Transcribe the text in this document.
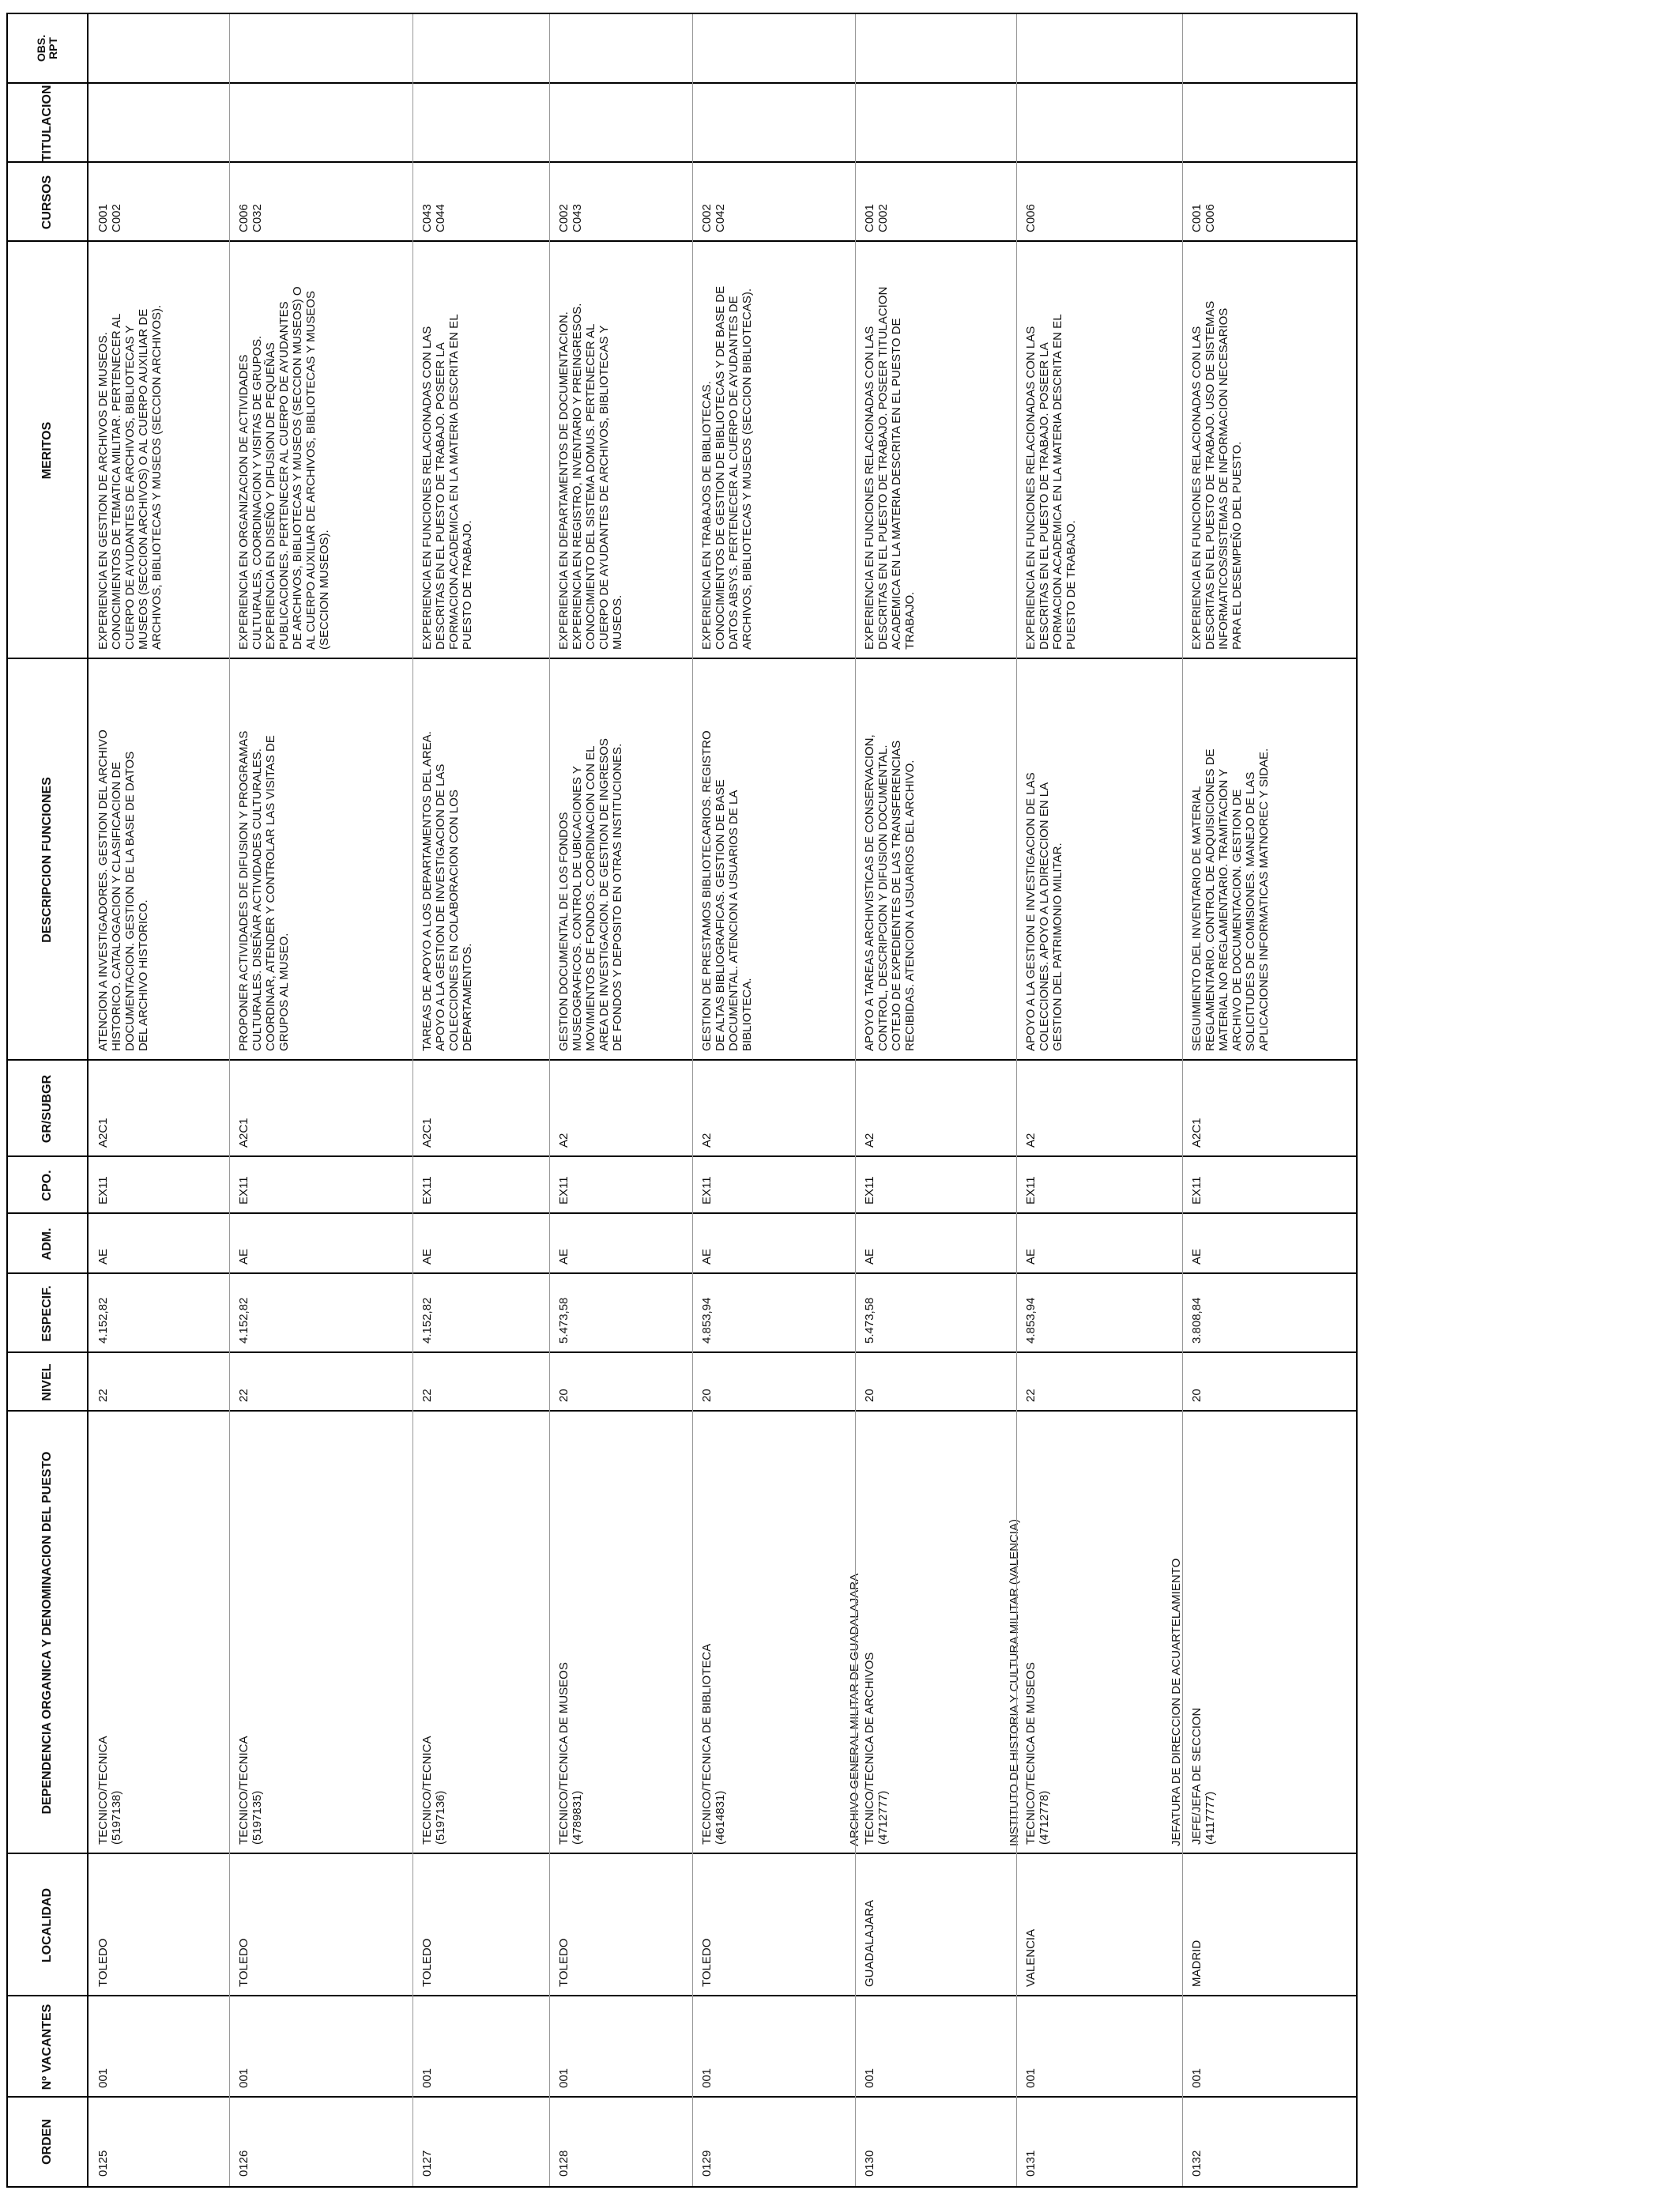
ORDEN
Nº VACANTES
LOCALIDAD
DEPENDENCIA ORGANICA Y DENOMINACION DEL PUESTO
NIVEL
ESPECIF.
ADM.
CPO.
GR/SUBGR
DESCRIPCION FUNCIONES
MERITOS
CURSOS
TITULACION
OBS.
RPT
ARCHIVO GENERAL MILITAR DE GUADALAJARA	INSTITUTO DE HISTORIA Y CULTURA MILITAR (VALENCIA)	JEFATURA DE DIRECCION DE ACUARTELAMIENTO
0125
001
TOLEDO
TECNICO/TECNICA
(5197138)
22
4.152,82
AE
EX11
A2C1
ATENCION A INVESTIGADORES. GESTION DEL ARCHIVO
HISTORICO. CATALOGACION Y CLASIFICACION DE
DOCUMENTACION. GESTION DE LA BASE DE DATOS
DEL ARCHIVO HISTORICO.
EXPERIENCIA EN GESTION DE ARCHIVOS DE MUSEOS.
CONOCIMIENTOS DE TEMATICA MILITAR. PERTENECER AL
CUERPO DE AYUDANTES DE ARCHIVOS, BIBLIOTECAS Y
MUSEOS (SECCION ARCHIVOS) O AL CUERPO AUXILIAR DE
ARCHIVOS, BIBLIOTECAS Y MUSEOS (SECCION ARCHIVOS).
C001
C002
0126
001
TOLEDO
TECNICO/TECNICA
(5197135)
22
4.152,82
AE
EX11
A2C1
PROPONER ACTIVIDADES DE DIFUSION Y PROGRAMAS
CULTURALES. DISEÑAR ACTIVIDADES CULTURALES.
COORDINAR, ATENDER Y CONTROLAR LAS VISITAS DE
GRUPOS AL MUSEO.
EXPERIENCIA EN ORGANIZACION DE ACTIVIDADES
CULTURALES, COORDINACION Y VISITAS DE GRUPOS.
EXPERIENCIA EN DISEÑO Y DIFUSION DE PEQUEÑAS
PUBLICACIONES. PERTENECER AL CUERPO DE AYUDANTES
DE ARCHIVOS, BIBLIOTECAS Y MUSEOS (SECCION MUSEOS) O
AL CUERPO AUXILIAR DE ARCHIVOS, BIBLIOTECAS Y MUSEOS
(SECCION MUSEOS).
C006
C032
0127
001
TOLEDO
TECNICO/TECNICA
(5197136)
22
4.152,82
AE
EX11
A2C1
TAREAS DE APOYO A LOS DEPARTAMENTOS DEL AREA.
APOYO A LA GESTION DE INVESTIGACION DE LAS
COLECCIONES EN COLABORACION CON LOS
DEPARTAMENTOS.
EXPERIENCIA EN FUNCIONES RELACIONADAS CON LAS
DESCRITAS EN EL PUESTO DE TRABAJO. POSEER LA
FORMACION ACADEMICA EN LA MATERIA DESCRITA EN EL
PUESTO DE TRABAJO.
C043
C044
0128
001
TOLEDO
TECNICO/TECNICA DE MUSEOS
(4789831)
20
5.473,58
AE
EX11
A2
GESTION DOCUMENTAL DE LOS FONDOS
MUSEOGRAFICOS. CONTROL DE UBICACIONES Y
MOVIMIENTOS DE FONDOS. COORDINACION CON EL
AREA DE INVESTIGACION. DE GESTION DE INGRESOS
DE FONDOS Y DEPOSITO EN OTRAS INSTITUCIONES.
EXPERIENCIA EN DEPARTAMENTOS DE DOCUMENTACION.
EXPERIENCIA EN REGISTRO, INVENTARIO Y PREINGRESOS.
CONOCIMIENTO DEL SISTEMA DOMUS. PERTENECER AL
CUERPO DE AYUDANTES DE ARCHIVOS, BIBLIOTECAS Y
MUSEOS.
C002
C043
0129
001
TOLEDO
TECNICO/TECNICA DE BIBLIOTECA
(4614831)
20
4.853,94
AE
EX11
A2
GESTION DE PRESTAMOS BIBLIOTECARIOS. REGISTRO
DE ALTAS BIBLIOGRAFICAS. GESTION DE BASE
DOCUMENTAL. ATENCION A USUARIOS DE LA
BIBLIOTECA.
EXPERIENCIA EN TRABAJOS DE BIBLIOTECAS.
CONOCIMIENTOS DE GESTION DE BIBLIOTECAS Y DE BASE DE
DATOS ABSYS. PERTENECER AL CUERPO DE AYUDANTES DE
ARCHIVOS, BIBLIOTECAS Y MUSEOS (SECCION BIBLIOTECAS).
C002
C042
0130
001
GUADALAJARA
TECNICO/TECNICA DE ARCHIVOS
(4712777)
20
5.473,58
AE
EX11
A2
APOYO A TAREAS ARCHIVISTICAS DE CONSERVACION,
CONTROL, DESCRIPCION Y DIFUSION DOCUMENTAL.
COTEJO DE EXPEDIENTES DE LAS TRANSFERENCIAS
RECIBIDAS. ATENCION A USUARIOS DEL ARCHIVO.
EXPERIENCIA EN FUNCIONES RELACIONADAS CON LAS
DESCRITAS EN EL PUESTO DE TRABAJO. POSEER TITULACION
ACADEMICA EN LA MATERIA DESCRITA EN EL PUESTO DE
TRABAJO.
C001
C002
0131
001
VALENCIA
TECNICO/TECNICA DE MUSEOS
(4712778)
22
4.853,94
AE
EX11
A2
APOYO A LA GESTION E INVESTIGACION DE LAS
COLECCIONES. APOYO A LA DIRECCION EN LA
GESTION DEL PATRIMONIO MILITAR.
EXPERIENCIA EN FUNCIONES RELACIONADAS CON LAS
DESCRITAS EN EL PUESTO DE TRABAJO. POSEER LA
FORMACION ACADEMICA EN LA MATERIA DESCRITA EN EL
PUESTO DE TRABAJO.
C006
0132
001
MADRID
JEFE/JEFA DE SECCION
(4117777)
20
3.808,84
AE
EX11
A2C1
SEGUIMIENTO DEL INVENTARIO DE MATERIAL
REGLAMENTARIO. CONTROL DE ADQUISICIONES DE
MATERIAL NO REGLAMENTARIO. TRAMITACION Y
ARCHIVO DE DOCUMENTACION. GESTION DE
SOLICITUDES DE COMISIONES. MANEJO DE LAS
APLICACIONES INFORMATICAS MATNOREC Y SIDAE.
EXPERIENCIA EN FUNCIONES RELACIONADAS CON LAS
DESCRITAS EN EL PUESTO DE TRABAJO. USO DE SISTEMAS
INFORMATICOS/SISTEMAS DE INFORMACION NECESARIOS
PARA EL DESEMPEÑO DEL PUESTO.
C001
C006
